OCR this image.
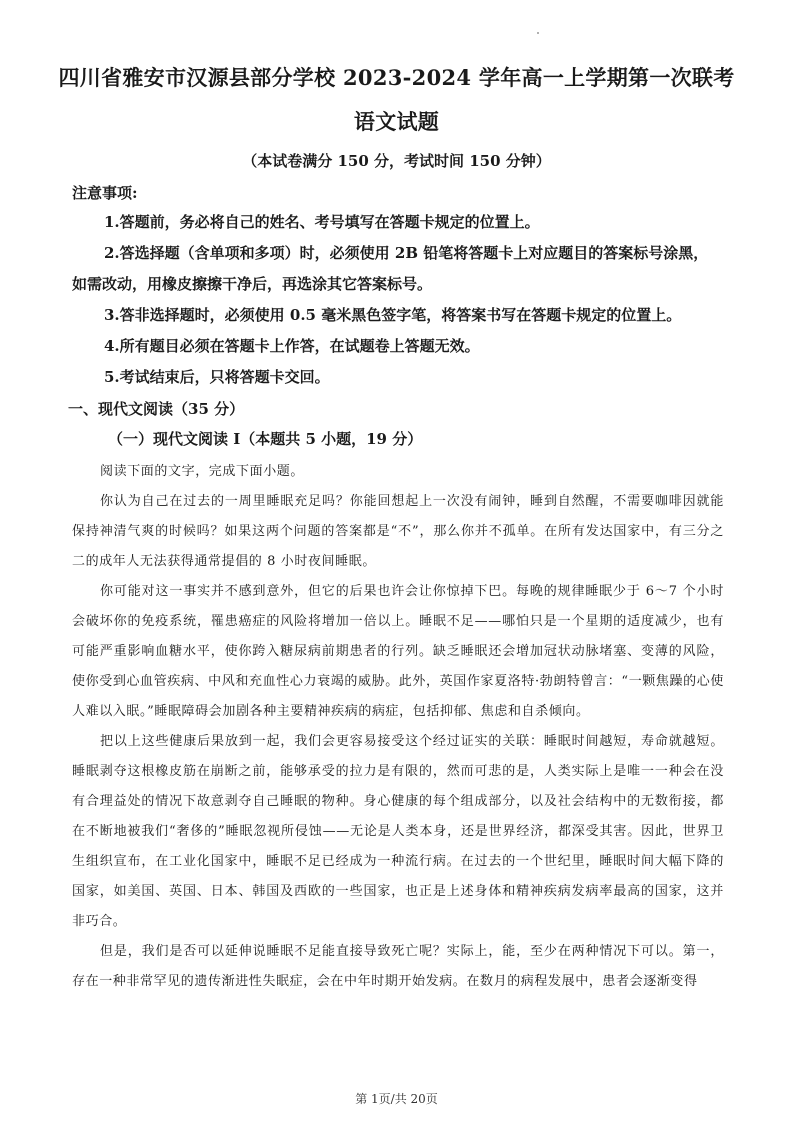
四川省雅安市汉源县部分学校 2023-2024 学年高一上学期第一次联考
语文试题
（本试卷满分 150 分，考试时间 150 分钟）
注意事项:
1.答题前，务必将自己的姓名、考号填写在答题卡规定的位置上。
2.答选择题（含单项和多项）时，必须使用 2B 铅笔将答题卡上对应题目的答案标号涂黑，如需改动，用橡皮擦擦干净后，再选涂其它答案标号。
3.答非选择题时，必须使用 0.5 毫米黑色签字笔，将答案书写在答题卡规定的位置上。
4.所有题目必须在答题卡上作答，在试题卷上答题无效。
5.考试结束后，只将答题卡交回。
一、现代文阅读（35 分）
（一）现代文阅读 I（本题共 5 小题，19 分）

阅读下面的文字，完成下面小题。

你认为自己在过去的一周里睡眠充足吗？你能回想起上一次没有闹钟，睡到自然醒，不需要咖啡因就能保持神清气爽的时候吗？如果这两个问题的答案都是“不”，那么你并不孤单。在所有发达国家中，有三分之二的成年人无法获得通常提倡的 8 小时夜间睡眠。

你可能对这一事实并不感到意外，但它的后果也许会让你惊掉下巴。每晚的规律睡眠少于 6～7 个小时会破坏你的免疫系统，罹患癌症的风险将增加一倍以上。睡眠不足——哪怕只是一个星期的适度减少，也有可能严重影响血糖水平，使你跨入糖尿病前期患者的行列。缺乏睡眠还会增加冠状动脉堵塞、变薄的风险，使你受到心血管疾病、中风和充血性心力衰竭的威胁。此外，英国作家夏洛特·勃朗特曾言：“一颗焦躁的心使人难以入眠。”睡眠障碍会加剧各种主要精神疾病的病症，包括抑郁、焦虑和自杀倾向。

把以上这些健康后果放到一起，我们会更容易接受这个经过证实的关联：睡眠时间越短，寿命就越短。睡眠剥夺这根橡皮筋在崩断之前，能够承受的拉力是有限的，然而可悲的是，人类实际上是唯一一种会在没有合理益处的情况下故意剥夺自己睡眠的物种。身心健康的每个组成部分，以及社会结构中的无数衔接，都在不断地被我们“奢侈的”睡眠忽视所侵蚀——无论是人类本身，还是世界经济，都深受其害。因此，世界卫生组织宣布，在工业化国家中，睡眠不足已经成为一种流行病。在过去的一个世纪里，睡眠时间大幅下降的国家，如美国、英国、日本、韩国及西欧的一些国家，也正是上述身体和精神疾病发病率最高的国家，这并非巧合。

但是，我们是否可以延伸说睡眠不足能直接导致死亡呢？实际上，能，至少在两种情况下可以。第一，存在一种非常罕见的遗传渐进性失眠症，会在中年时期开始发病。在数月的病程发展中，患者会逐渐变得

第 1页/共 20页
